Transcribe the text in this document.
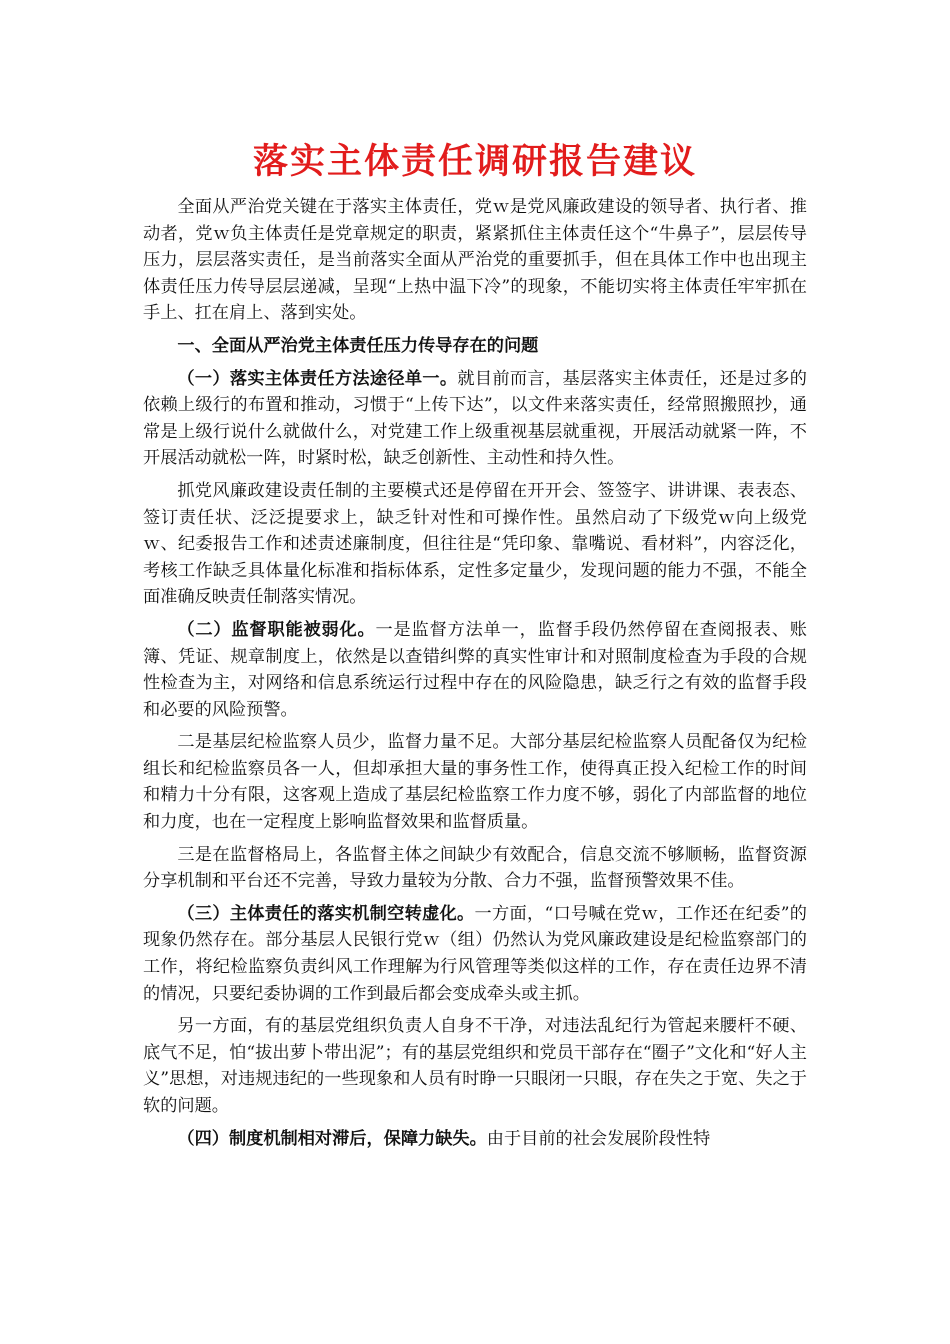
落实主体责任调研报告建议

全面从严治党关键在于落实主体责任，党ｗ是党风廉政建设的领导者、执行者、推动者，党ｗ负主体责任是党章规定的职责，紧紧抓住主体责任这个“牛鼻子”，层层传导压力，层层落实责任，是当前落实全面从严治党的重要抓手，但在具体工作中也出现主体责任压力传导层层递减，呈现“上热中温下冷”的现象，不能切实将主体责任牢牢抓在手上、扛在肩上、落到实处。

一、全面从严治党主体责任压力传导存在的问题

（一）落实主体责任方法途径单一。就目前而言，基层落实主体责任，还是过多的依赖上级行的布置和推动，习惯于“上传下达”，以文件来落实责任，经常照搬照抄，通常是上级行说什么就做什么，对党建工作上级重视基层就重视，开展活动就紧一阵，不开展活动就松一阵，时紧时松，缺乏创新性、主动性和持久性。

抓党风廉政建设责任制的主要模式还是停留在开开会、签签字、讲讲课、表表态、签订责任状、泛泛提要求上，缺乏针对性和可操作性。虽然启动了下级党ｗ向上级党ｗ、纪委报告工作和述责述廉制度，但往往是“凭印象、靠嘴说、看材料”，内容泛化，考核工作缺乏具体量化标准和指标体系，定性多定量少，发现问题的能力不强，不能全面准确反映责任制落实情况。

（二）监督职能被弱化。一是监督方法单一，监督手段仍然停留在查阅报表、账簿、凭证、规章制度上，依然是以查错纠弊的真实性审计和对照制度检查为手段的合规性检查为主，对网络和信息系统运行过程中存在的风险隐患，缺乏行之有效的监督手段和必要的风险预警。

二是基层纪检监察人员少，监督力量不足。大部分基层纪检监察人员配备仅为纪检组长和纪检监察员各一人，但却承担大量的事务性工作，使得真正投入纪检工作的时间和精力十分有限，这客观上造成了基层纪检监察工作力度不够，弱化了内部监督的地位和力度，也在一定程度上影响监督效果和监督质量。

三是在监督格局上，各监督主体之间缺少有效配合，信息交流不够顺畅，监督资源分享机制和平台还不完善，导致力量较为分散、合力不强，监督预警效果不佳。

（三）主体责任的落实机制空转虚化。一方面，“口号喊在党ｗ，工作还在纪委”的现象仍然存在。部分基层人民银行党ｗ（组）仍然认为党风廉政建设是纪检监察部门的工作，将纪检监察负责纠风工作理解为行风管理等类似这样的工作，存在责任边界不清的情况，只要纪委协调的工作到最后都会变成牵头或主抓。

另一方面，有的基层党组织负责人自身不干净，对违法乱纪行为管起来腰杆不硬、底气不足，怕“拔出萝卜带出泥”；有的基层党组织和党员干部存在“圈子”文化和“好人主义”思想，对违规违纪的一些现象和人员有时睁一只眼闭一只眼，存在失之于宽、失之于软的问题。

（四）制度机制相对滞后，保障力缺失。由于目前的社会发展阶段性特
